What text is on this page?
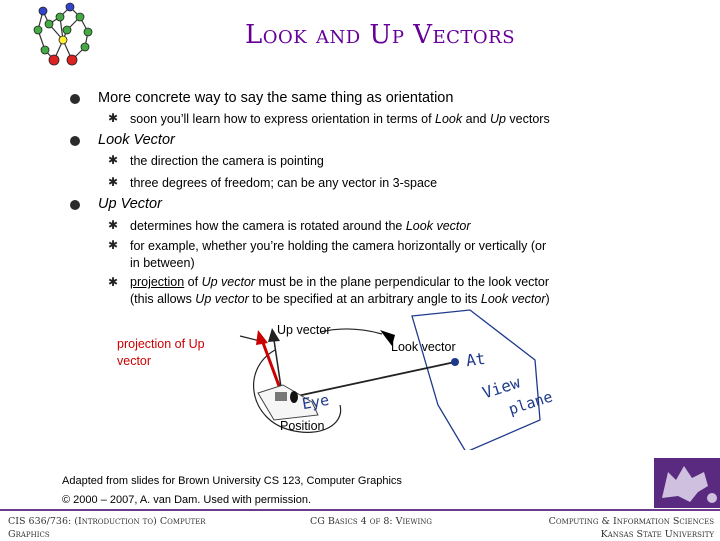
Look and Up Vectors
More concrete way to say the same thing as orientation
✱ soon you’ll learn how to express orientation in terms of Look and Up vectors
Look Vector
✱ the direction the camera is pointing
✱ three degrees of freedom; can be any vector in 3-space
Up Vector
✱ determines how the camera is rotated around the Look vector
✱ for example, whether you’re holding the camera horizontally or vertically (or
in between)
✱ projection of Up vector must be in the plane perpendicular to the look vector
(this allows Up vector to be specified at an arbitrary angle to its Look vector)
projection of Up
vector
Up vector
Look vector
Position
At
Eye	View
plane
Adapted from slides for Brown University CS 123, Computer Graphics
© 2000 – 2007, A. van Dam. Used with permission.
CIS 636/736: (Introduction to) Computer
Graphics
CG Basics 4 of 8: Viewing	Computing & Information Sciences
Kansas State University
